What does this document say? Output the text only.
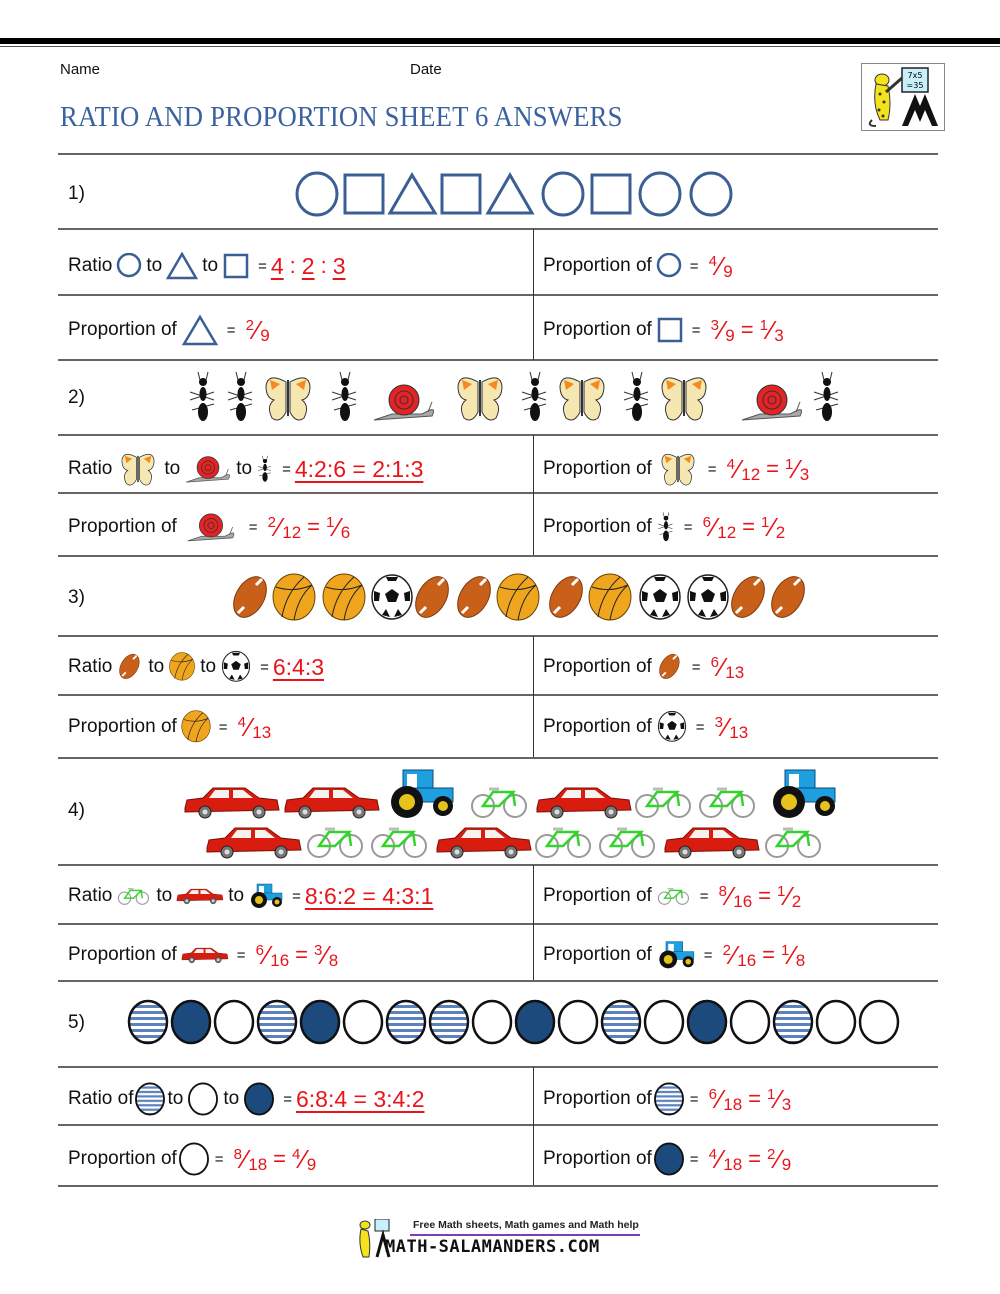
Name	Date
RATIO AND PROPORTION SHEET 6 ANSWERS
7x5
=35
1)
Ratio to to	= 4 : 2 : 3	Proportion of	= $^4$ $⁄_9$
Proportion of	= $^2$ $⁄_9$	Proportion of	= $^3$ $⁄_9 = ^1$ $⁄_3$
2)
Ratio	to	to = 4:2:6 = 2:1:3	Proportion of	= $^4$ $⁄_{12} = ^1$ $⁄_3$
Proportion of	= $^2$ $⁄_{12} = ^1$ $⁄_6$	Proportion of = $^6$ $⁄_{12} = ^1$ $⁄_2$
3)
Ratio to to	= 6:4:3	Proportion of	= $^6$ $⁄_{13}$
Proportion of	= $^4$ $⁄_{13}$	Proportion of	= $^3$ $⁄_{13}$
4)
Ratio to	to	= 8:6:2 = 4:3:1	Proportion of	= $^8$ $⁄_{16} = ^1$ $⁄_2$
Proportion of	= $^6$ $⁄_{16} = ^3$ $⁄_8$	Proportion of	= $^2$ $⁄_{16} = ^1$ $⁄_8$
5)
Ratio of to to	= 6:8:4 = 3:4:2	Proportion of	= $^6$ $⁄_{18} = ^1$ $⁄_3$
Proportion of	= $^8$ $⁄_{18} = ^4$ $⁄_9$	Proportion of	= $^4$ $⁄_{18} = ^2$ $⁄_9$
Free Math sheets, Math games and Math help
MATH-SALAMANDERS.COM
